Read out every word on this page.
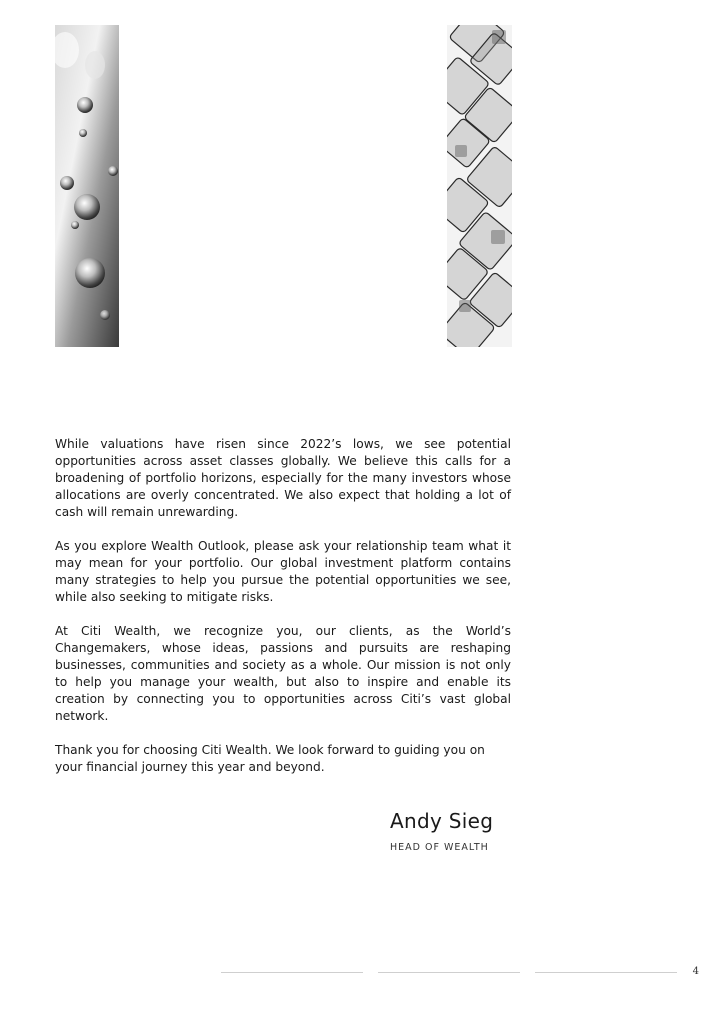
While valuations have risen since 2022’s lows, we see potential opportunities across asset classes globally. We believe this calls for a broadening of portfolio horizons, especially for the many investors whose allocations are overly concentrated. We also expect that holding a lot of cash will remain unrewarding.

As you explore Wealth Outlook, please ask your relationship team what it may mean for your portfolio. Our global investment platform contains many strategies to help you pursue the potential opportunities we see, while also seeking to mitigate risks.

At Citi Wealth, we recognize you, our clients, as the World’s Changemakers, whose ideas, passions and pursuits are reshaping businesses, communities and society as a whole. Our mission is not only to help you manage your wealth, but also to inspire and enable its creation by connecting you to opportunities across Citi’s vast global network.

Thank you for choosing Citi Wealth. We look forward to guiding you on your financial journey this year and beyond.

Andy Sieg
HEAD OF WEALTH
4
